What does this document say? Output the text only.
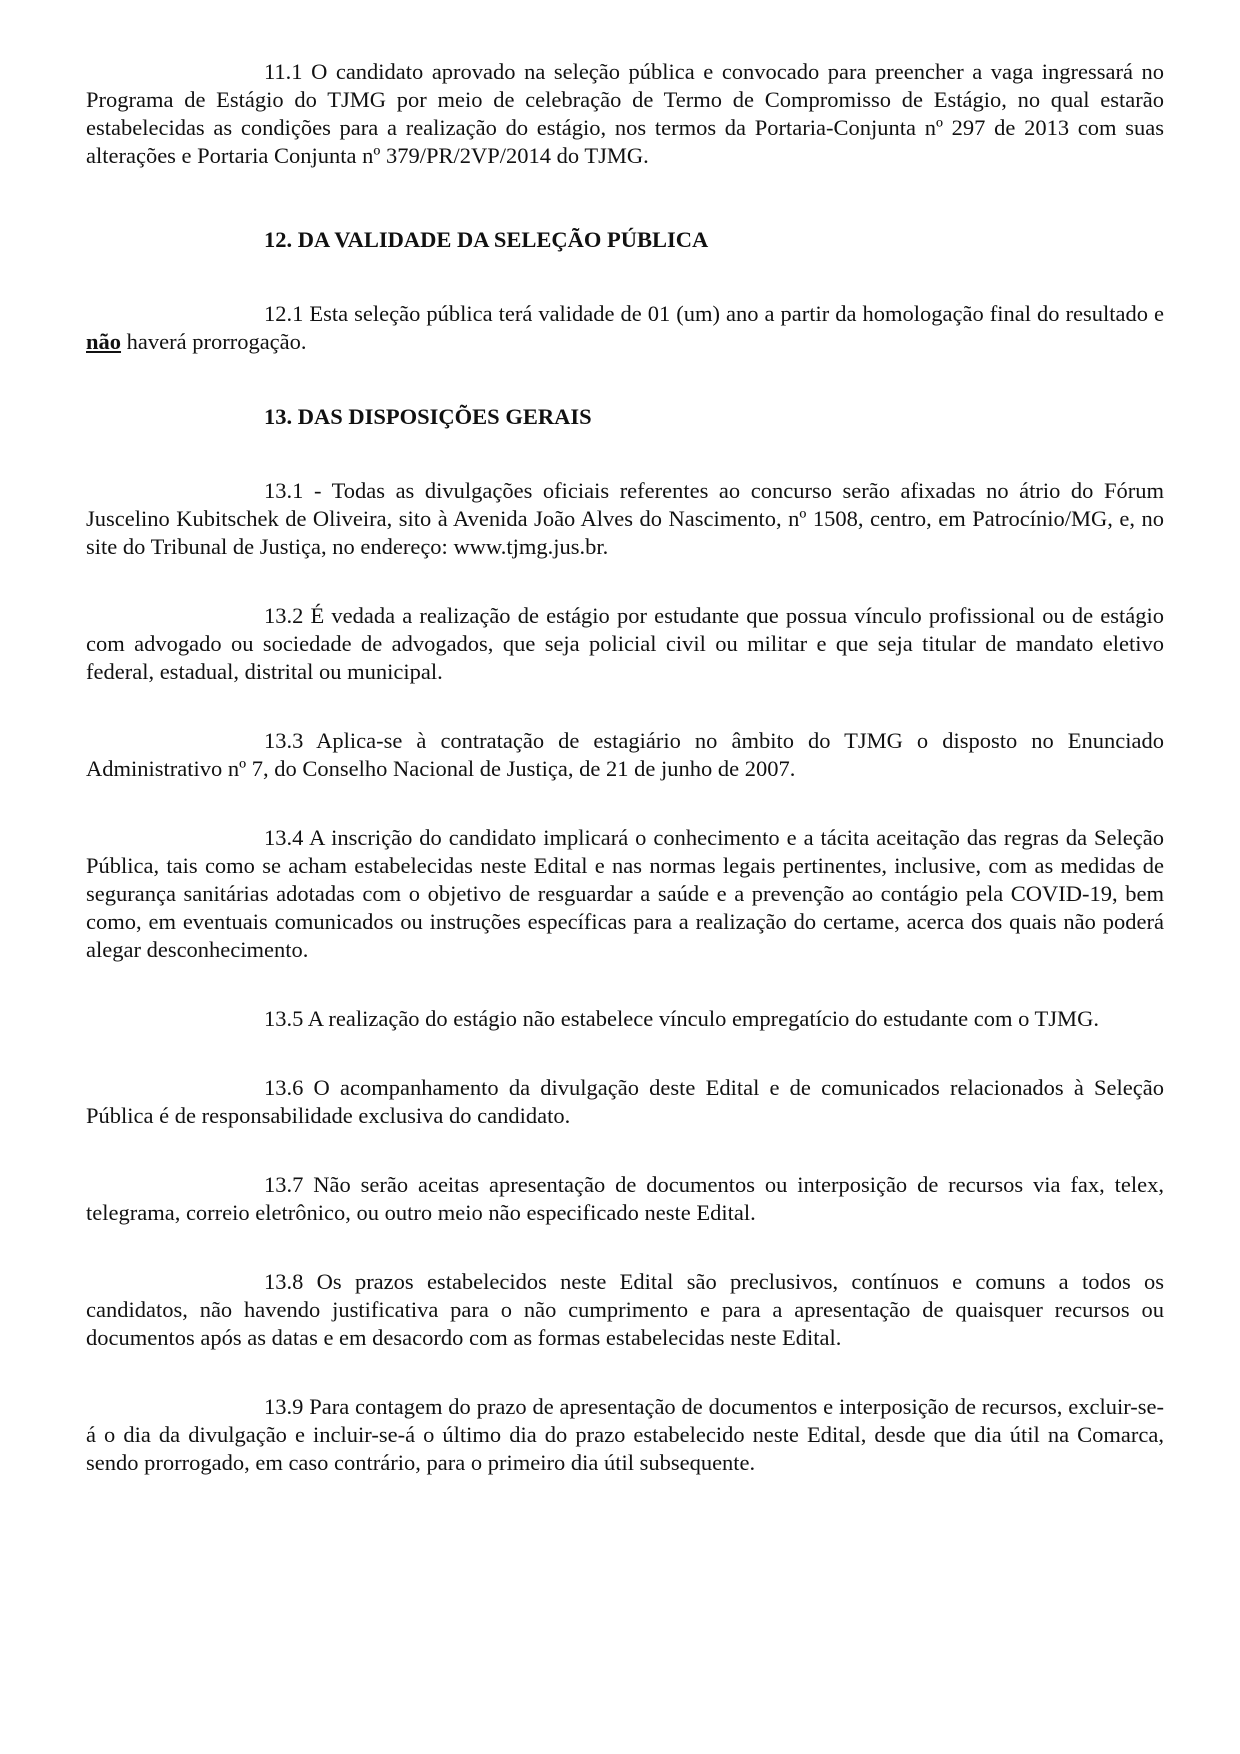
11.1 O candidato aprovado na seleção pública e convocado para preencher a vaga ingressará no Programa de Estágio do TJMG por meio de celebração de Termo de Compromisso de Estágio, no qual estarão estabelecidas as condições para a realização do estágio, nos termos da Portaria-Conjunta nº 297 de 2013 com suas alterações e Portaria Conjunta nº 379/PR/2VP/2014 do TJMG.

12. DA VALIDADE DA SELEÇÃO PÚBLICA

12.1 Esta seleção pública terá validade de 01 (um) ano a partir da homologação final do resultado e não haverá prorrogação.

13. DAS DISPOSIÇÕES GERAIS

13.1 - Todas as divulgações oficiais referentes ao concurso serão afixadas no átrio do Fórum Juscelino Kubitschek de Oliveira, sito à Avenida João Alves do Nascimento, nº 1508, centro, em Patrocínio/MG, e, no site do Tribunal de Justiça, no endereço: www.tjmg.jus.br.

13.2 É vedada a realização de estágio por estudante que possua vínculo profissional ou de estágio com advogado ou sociedade de advogados, que seja policial civil ou militar e que seja titular de mandato eletivo federal, estadual, distrital ou municipal.

13.3 Aplica-se à contratação de estagiário no âmbito do TJMG o disposto no Enunciado Administrativo nº 7, do Conselho Nacional de Justiça, de 21 de junho de 2007.

13.4 A inscrição do candidato implicará o conhecimento e a tácita aceitação das regras da Seleção Pública, tais como se acham estabelecidas neste Edital e nas normas legais pertinentes, inclusive, com as medidas de segurança sanitárias adotadas com o objetivo de resguardar a saúde e a prevenção ao contágio pela COVID-19, bem como, em eventuais comunicados ou instruções específicas para a realização do certame, acerca dos quais não poderá alegar desconhecimento.

13.5 A realização do estágio não estabelece vínculo empregatício do estudante com o TJMG.

13.6 O acompanhamento da divulgação deste Edital e de comunicados relacionados à Seleção Pública é de responsabilidade exclusiva do candidato.

13.7 Não serão aceitas apresentação de documentos ou interposição de recursos via fax, telex, telegrama, correio eletrônico, ou outro meio não especificado neste Edital.

13.8 Os prazos estabelecidos neste Edital são preclusivos, contínuos e comuns a todos os candidatos, não havendo justificativa para o não cumprimento e para a apresentação de quaisquer recursos ou documentos após as datas e em desacordo com as formas estabelecidas neste Edital.

13.9 Para contagem do prazo de apresentação de documentos e interposição de recursos, excluir-se-á o dia da divulgação e incluir-se-á o último dia do prazo estabelecido neste Edital, desde que dia útil na Comarca, sendo prorrogado, em caso contrário, para o primeiro dia útil subsequente.
